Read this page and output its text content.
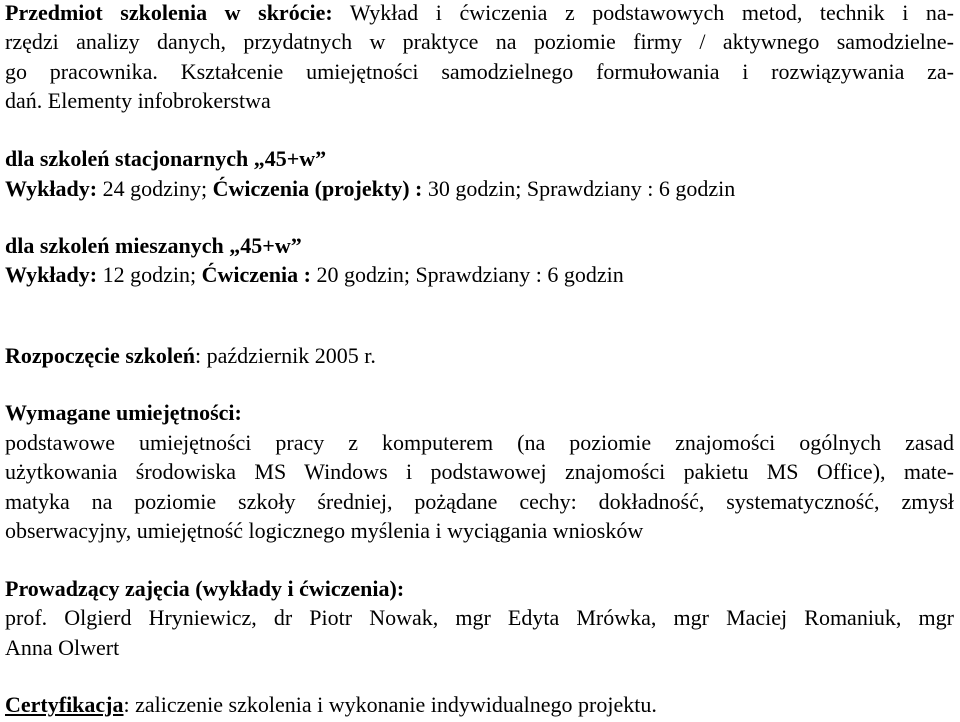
Przedmiot szkolenia w skrócie: Wykład i ćwiczenia z podstawowych metod, technik i na-
rzędzi analizy danych, przydatnych w praktyce na poziomie firmy / aktywnego samodzielne-
go pracownika. Kształcenie umiejętności samodzielnego formułowania i rozwiązywania za-
dań. Elementy infobrokerstwa
dla szkoleń stacjonarnych „45+w”
Wykłady: 24 godziny; Ćwiczenia (projekty) : 30 godzin; Sprawdziany : 6 godzin
dla szkoleń mieszanych „45+w”
Wykłady: 12 godzin; Ćwiczenia : 20 godzin; Sprawdziany : 6 godzin
Rozpoczęcie szkoleń: październik 2005 r.
Wymagane umiejętności:
podstawowe umiejętności pracy z komputerem (na poziomie znajomości ogólnych zasad
użytkowania środowiska MS Windows i podstawowej znajomości pakietu MS Office), mate-
matyka na poziomie szkoły średniej, pożądane cechy: dokładność, systematyczność, zmysł
obserwacyjny, umiejętność logicznego myślenia i wyciągania wniosków
Prowadzący zajęcia (wykłady i ćwiczenia):
prof. Olgierd Hryniewicz, dr Piotr Nowak, mgr Edyta Mrówka, mgr Maciej Romaniuk, mgr
Anna Olwert
Certyfikacja: zaliczenie szkolenia i wykonanie indywidualnego projektu.
